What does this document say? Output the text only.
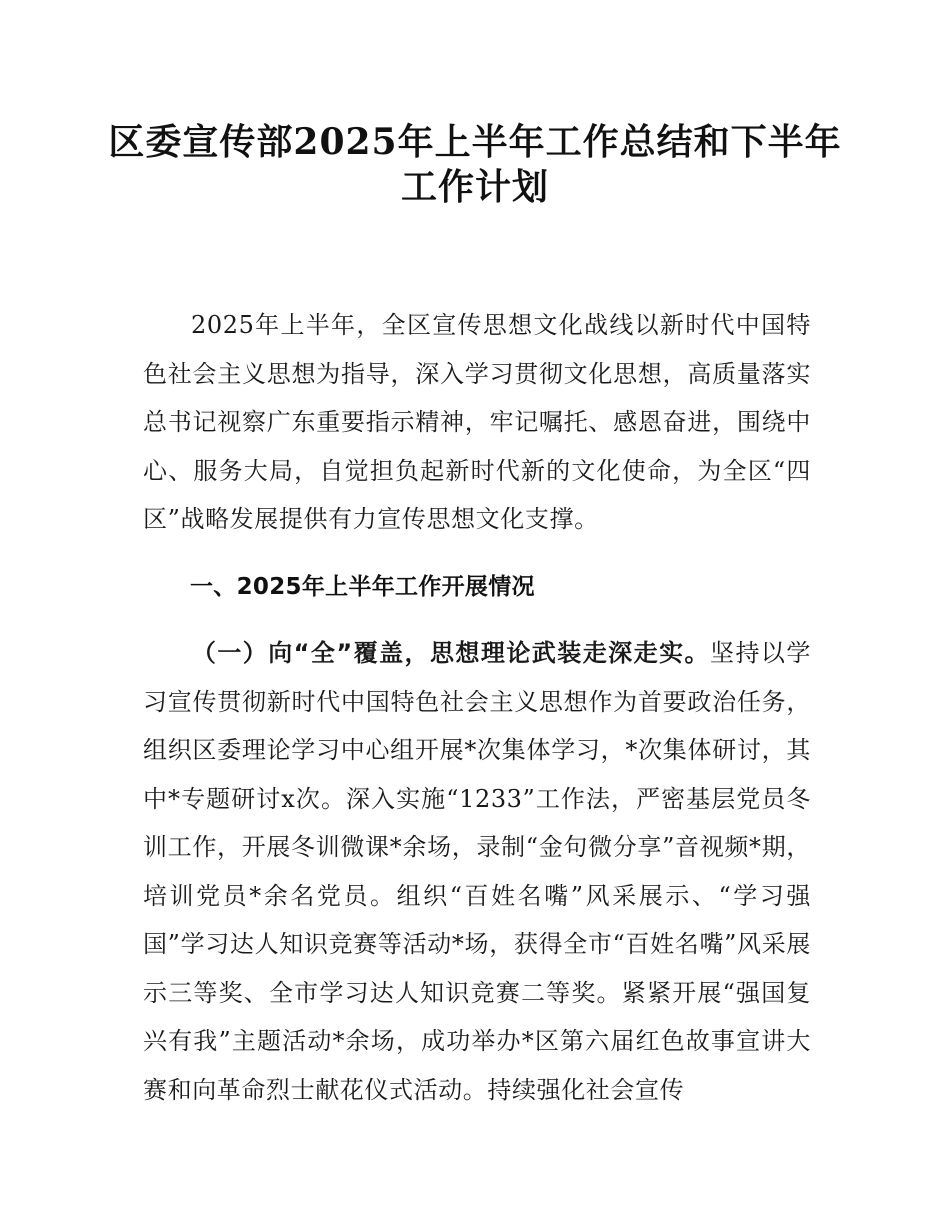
区委宣传部2025年上半年工作总结和下半年
工作计划

2025年上半年，全区宣传思想文化战线以新时代中国特色社会主义思想为指导，深入学习贯彻文化思想，高质量落实总书记视察广东重要指示精神，牢记嘱托、感恩奋进，围绕中心、服务大局，自觉担负起新时代新的文化使命，为全区“四区”战略发展提供有力宣传思想文化支撑。

一、2025年上半年工作开展情况

（一）向“全”覆盖，思想理论武装走深走实。坚持以学习宣传贯彻新时代中国特色社会主义思想作为首要政治任务，组织区委理论学习中心组开展*次集体学习，*次集体研讨，其中*专题研讨x次。深入实施“1233”工作法，严密基层党员冬训工作，开展冬训微课*余场，录制“金句微分享”音视频*期，培训党员*余名党员。组织“百姓名嘴”风采展示、“学习强国”学习达人知识竞赛等活动*场，获得全市“百姓名嘴”风采展示三等奖、全市学习达人知识竞赛二等奖。紧紧开展“强国复兴有我”主题活动*余场，成功举办*区第六届红色故事宣讲大赛和向革命烈士献花仪式活动。持续强化社会宣传
